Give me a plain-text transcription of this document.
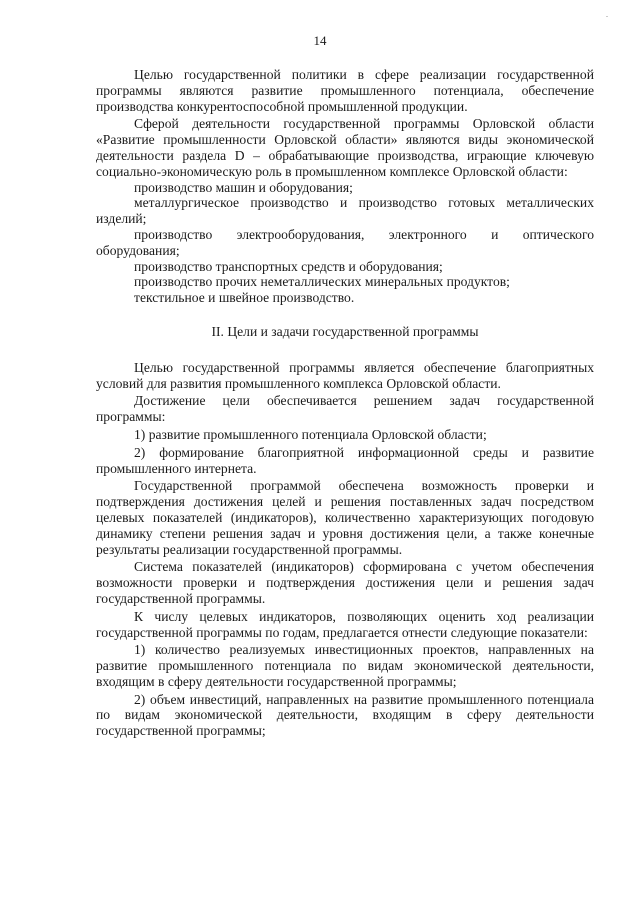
.
14

Целью государственной политики в сфере реализации государственной программы являются развитие промышленного потенциала, обеспечение производства конкурентоспособной промышленной продукции.

Сферой деятельности государственной программы Орловской области «Развитие промышленности Орловской области» являются виды экономической деятельности раздела D – обрабатывающие производства, играющие ключевую социально-экономическую роль в промышленном комплексе Орловской области:

производство машин и оборудования;

металлургическое производство и производство готовых металлических изделий;

производство электрооборудования, электронного и оптического оборудования;

производство транспортных средств и оборудования;

производство прочих неметаллических минеральных продуктов;

текстильное и швейное производство.

II. Цели и задачи государственной программы

Целью государственной программы является обеспечение благоприятных условий для развития промышленного комплекса Орловской области.

Достижение цели обеспечивается решением задач государственной программы:

1) развитие промышленного потенциала Орловской области;

2) формирование благоприятной информационной среды и развитие промышленного интернета.

Государственной программой обеспечена возможность проверки и подтверждения достижения целей и решения поставленных задач посредством целевых показателей (индикаторов), количественно характеризующих погодовую динамику степени решения задач и уровня достижения цели, а также конечные результаты реализации государственной программы.

Система показателей (индикаторов) сформирована с учетом обеспечения возможности проверки и подтверждения достижения цели и решения задач государственной программы.

К числу целевых индикаторов, позволяющих оценить ход реализации государственной программы по годам, предлагается отнести следующие показатели:

1) количество реализуемых инвестиционных проектов, направленных на развитие промышленного потенциала по видам экономической деятельности, входящим в сферу деятельности государственной программы;

2) объем инвестиций, направленных на развитие промышленного потенциала по видам экономической деятельности, входящим в сферу деятельности государственной программы;
